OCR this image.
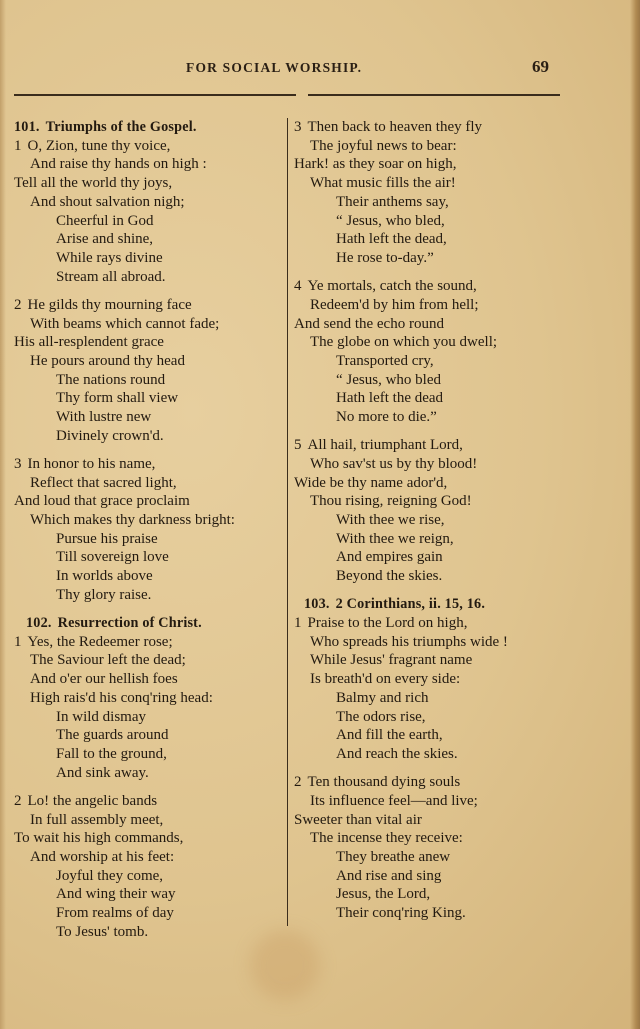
FOR SOCIAL WORSHIP.	69
101. Triumphs of the Gospel.
1 O, Zion, tune thy voice,
And raise thy hands on high :
Tell all the world thy joys,
And shout salvation nigh;
Cheerful in God
Arise and shine,
While rays divine
Stream all abroad.
2 He gilds thy mourning face
With beams which cannot fade;
His all-resplendent grace
He pours around thy head
The nations round
Thy form shall view
With lustre new
Divinely crown'd.
3 In honor to his name,
Reflect that sacred light,
And loud that grace proclaim
Which makes thy darkness bright:
Pursue his praise
Till sovereign love
In worlds above
Thy glory raise.
102. Resurrection of Christ.
1 Yes, the Redeemer rose;
The Saviour left the dead;
And o'er our hellish foes
High rais'd his conq'ring head:
In wild dismay
The guards around
Fall to the ground,
And sink away.
2 Lo! the angelic bands
In full assembly meet,
To wait his high commands,
And worship at his feet:
Joyful they come,
And wing their way
From realms of day
To Jesus' tomb.
3 Then back to heaven they fly
The joyful news to bear:
Hark! as they soar on high,
What music fills the air!
Their anthems say,
“ Jesus, who bled,
Hath left the dead,
He rose to-day.”
4 Ye mortals, catch the sound,
Redeem'd by him from hell;
And send the echo round
The globe on which you dwell;
Transported cry,
“ Jesus, who bled
Hath left the dead
No more to die.”
5 All hail, triumphant Lord,
Who sav'st us by thy blood!
Wide be thy name ador'd,
Thou rising, reigning God!
With thee we rise,
With thee we reign,
And empires gain
Beyond the skies.
103. 2 Corinthians, ii. 15, 16.
1 Praise to the Lord on high,
Who spreads his triumphs wide !
While Jesus' fragrant name
Is breath'd on every side:
Balmy and rich
The odors rise,
And fill the earth,
And reach the skies.
2 Ten thousand dying souls
Its influence feel—and live;
Sweeter than vital air
The incense they receive:
They breathe anew
And rise and sing
Jesus, the Lord,
Their conq'ring King.
